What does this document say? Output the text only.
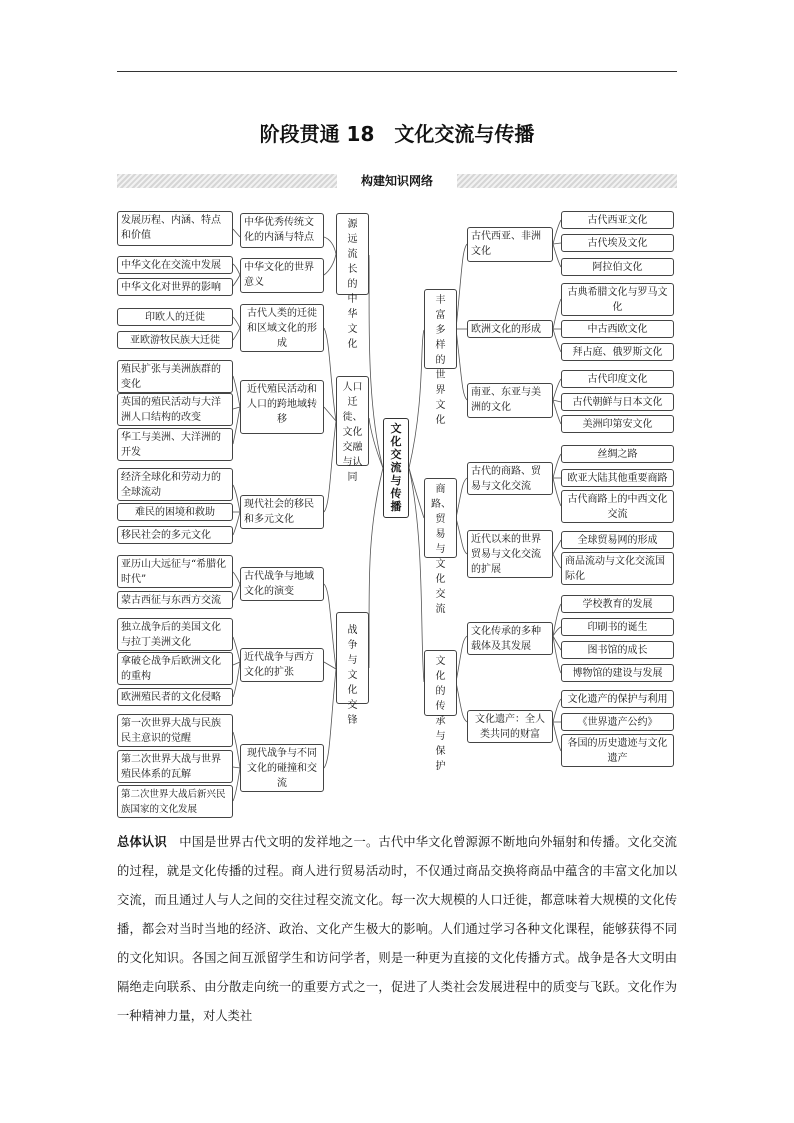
阶段贯通 18　文化交流与传播
构建知识网络
文化交流与传播
源远流长的中华文化
中华优秀传统文化的内涵与特点
发展历程、内涵、特点和价值
中华文化的世界意义
中华文化在交流中发展
中华文化对世界的影响
人口迁徙、文化交融与认同
古代人类的迁徙和区域文化的形成
印欧人的迁徙
亚欧游牧民族大迁徙
近代殖民活动和人口的跨地域转移
殖民扩张与美洲族群的变化
英国的殖民活动与大洋洲人口结构的改变
华工与美洲、大洋洲的开发
现代社会的移民和多元文化
经济全球化和劳动力的全球流动
难民的困境和救助
移民社会的多元文化
战争与文化交锋
古代战争与地域文化的演变
亚历山大远征与“希腊化时代”
蒙古西征与东西方交流
近代战争与西方文化的扩张
独立战争后的美国文化与拉丁美洲文化
拿破仑战争后欧洲文化的重构
欧洲殖民者的文化侵略
现代战争与不同文化的碰撞和交流
第一次世界大战与民族民主意识的觉醒
第二次世界大战与世界殖民体系的瓦解
第二次世界大战后新兴民族国家的文化发展
丰富多样的世界文化
古代西亚、非洲文化
古代西亚文化
古代埃及文化
阿拉伯文化
欧洲文化的形成
古典希腊文化与罗马文化
中古西欧文化
拜占庭、俄罗斯文化
南亚、东亚与美洲的文化
古代印度文化
古代朝鲜与日本文化
美洲印第安文化
商路、贸易与文化交流
古代的商路、贸易与文化交流
丝绸之路
欧亚大陆其他重要商路
古代商路上的中西文化交流
近代以来的世界贸易与文化交流的扩展
全球贸易网的形成
商品流动与文化交流国际化
文化的传承与保护
文化传承的多种载体及其发展
学校教育的发展
印刷书的诞生
图书馆的成长
博物馆的建设与发展
文化遗产：全人类共同的财富
文化遗产的保护与利用
《世界遗产公约》
各国的历史遗迹与文化遗产
总体认识　 中国是世界古代文明的发祥地之一。古代中华文化曾源源不断地向外辐射和传播。文化交流的过程，就是文化传播的过程。商人进行贸易活动时，不仅通过商品交换将商品中蕴含的丰富文化加以交流，而且通过人与人之间的交往过程交流文化。每一次大规模的人口迁徙，都意味着大规模的文化传播，都会对当时当地的经济、政治、文化产生极大的影响。人们通过学习各种文化课程，能够获得不同的文化知识。各国之间互派留学生和访问学者，则是一种更为直接的文化传播方式。战争是各大文明由隔绝走向联系、由分散走向统一的重要方式之一，促进了人类社会发展进程中的质变与飞跃。文化作为一种精神力量，对人类社
